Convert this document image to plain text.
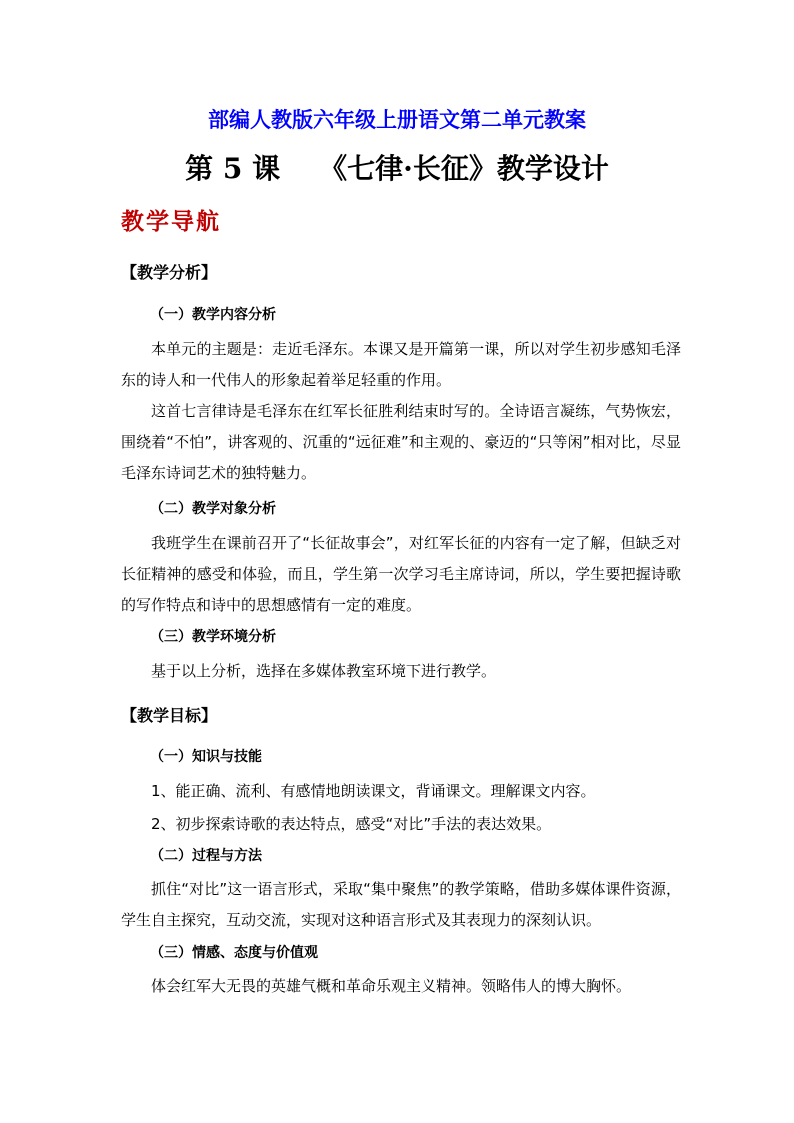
部编人教版六年级上册语文第二单元教案
第 5 课    《七律·长征》教学设计
教学导航
【教学分析】
（一）教学内容分析
本单元的主题是：走近毛泽东。本课又是开篇第一课，所以对学生初步感知毛泽东的诗人和一代伟人的形象起着举足轻重的作用。
这首七言律诗是毛泽东在红军长征胜利结束时写的。全诗语言凝练，气势恢宏，围绕着“不怕”，讲客观的、沉重的“远征难”和主观的、豪迈的“只等闲”相对比，尽显毛泽东诗词艺术的独特魅力。
（二）教学对象分析
我班学生在课前召开了“长征故事会”，对红军长征的内容有一定了解，但缺乏对长征精神的感受和体验，而且，学生第一次学习毛主席诗词，所以，学生要把握诗歌的写作特点和诗中的思想感情有一定的难度。
（三）教学环境分析
基于以上分析，选择在多媒体教室环境下进行教学。
【教学目标】
（一）知识与技能
1、能正确、流利、有感情地朗读课文，背诵课文。理解课文内容。
2、初步探索诗歌的表达特点，感受“对比”手法的表达效果。
（二）过程与方法
抓住“对比”这一语言形式，采取“集中聚焦”的教学策略，借助多媒体课件资源，学生自主探究，互动交流，实现对这种语言形式及其表现力的深刻认识。
（三）情感、态度与价值观
体会红军大无畏的英雄气概和革命乐观主义精神。领略伟人的博大胸怀。
